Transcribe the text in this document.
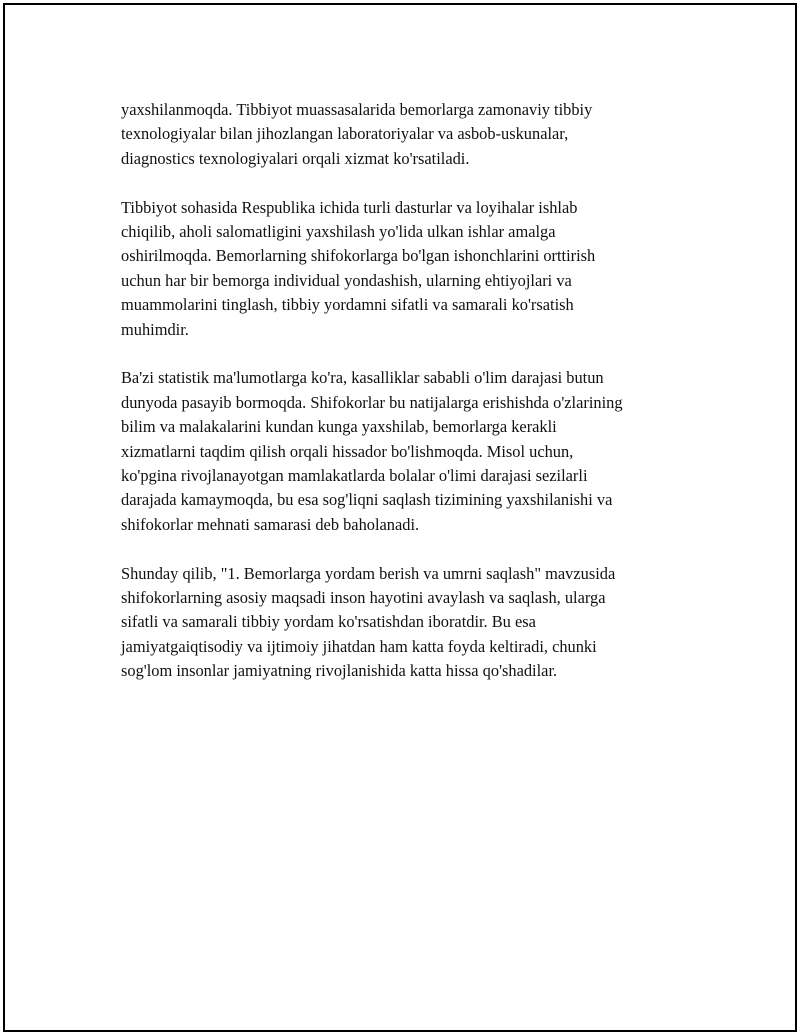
yaxshilanmoqda. Tibbiyot muassasalarida bemorlarga zamonaviy tibbiy
texnologiyalar bilan jihozlangan laboratoriyalar va asbob-uskunalar,
diagnostics texnologiyalari orqali xizmat ko'rsatiladi.

Tibbiyot sohasida Respublika ichida turli dasturlar va loyihalar ishlab
chiqilib, aholi salomatligini yaxshilash yo'lida ulkan ishlar amalga
oshirilmoqda. Bemorlarning shifokorlarga bo'lgan ishonchlarini orttirish
uchun har bir bemorga individual yondashish, ularning ehtiyojlari va
muammolarini tinglash, tibbiy yordamni sifatli va samarali ko'rsatish
muhimdir.

Ba'zi statistik ma'lumotlarga ko'ra, kasalliklar sababli o'lim darajasi butun
dunyoda pasayib bormoqda. Shifokorlar bu natijalarga erishishda o'zlarining
bilim va malakalarini kundan kunga yaxshilab, bemorlarga kerakli
xizmatlarni taqdim qilish orqali hissador bo'lishmoqda. Misol uchun,
ko'pgina rivojlanayotgan mamlakatlarda bolalar o'limi darajasi sezilarli
darajada kamaymoqda, bu esa sog'liqni saqlash tizimining yaxshilanishi va
shifokorlar mehnati samarasi deb baholanadi.

Shunday qilib, "1. Bemorlarga yordam berish va umrni saqlash" mavzusida
shifokorlarning asosiy maqsadi inson hayotini avaylash va saqlash, ularga
sifatli va samarali tibbiy yordam ko'rsatishdan iboratdir. Bu esa
jamiyatgaiqtisodiy va ijtimoiy jihatdan ham katta foyda keltiradi, chunki
sog'lom insonlar jamiyatning rivojlanishida katta hissa qo'shadilar.
